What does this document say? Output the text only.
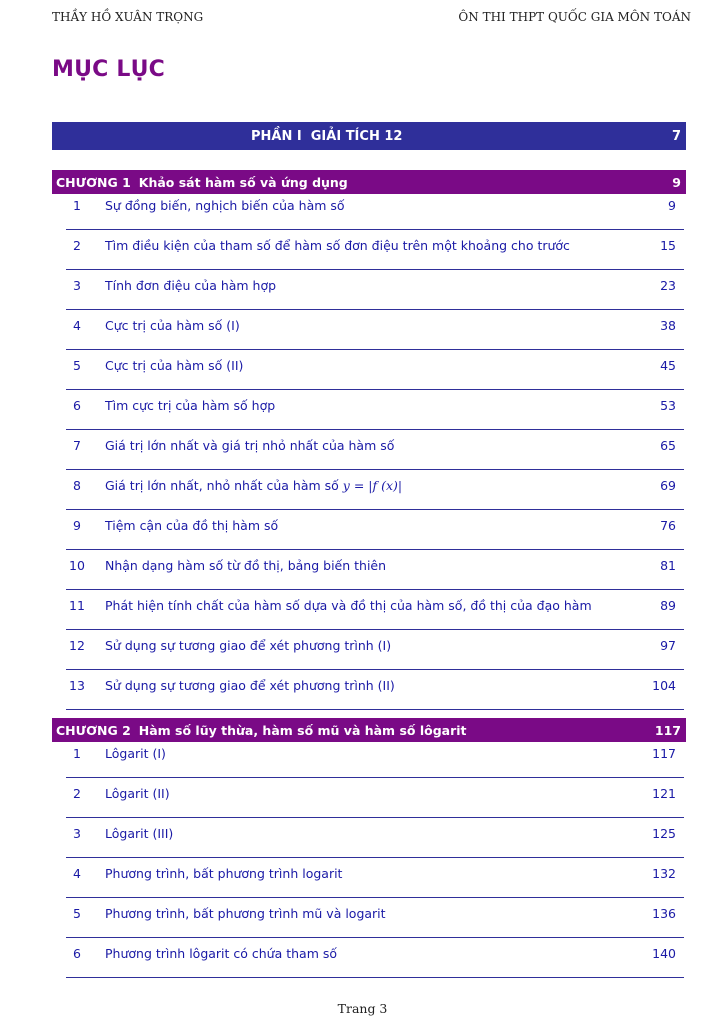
THẦY HỒ XUÂN TRỌNG	ÔN THI THPT QUỐC GIA MÔN TOÁN
MỤC LỤC
PHẦN I  GIẢI TÍCH 12	7
CHƯƠNG 1 Khảo sát hàm số và ứng dụng	9
1	Sự đồng biến, nghịch biến của hàm số	9
2	Tìm điều kiện của tham số để hàm số đơn điệu trên một khoảng cho trước	15
3	Tính đơn điệu của hàm hợp	23
4	Cực trị của hàm số (I)	38
5	Cực trị của hàm số (II)	45
6	Tìm cực trị của hàm số hợp	53
7	Giá trị lớn nhất và giá trị nhỏ nhất của hàm số	65
8	Giá trị lớn nhất, nhỏ nhất của hàm số y = |f (x)|	69
9	Tiệm cận của đồ thị hàm số	76
10 Nhận dạng hàm số từ đồ thị, bảng biến thiên	81
11 Phát hiện tính chất của hàm số dựa và đồ thị của hàm số, đồ thị của đạo hàm	89
12 Sử dụng sự tương giao để xét phương trình (I)	97
13 Sử dụng sự tương giao để xét phương trình (II)	104
CHƯƠNG 2 Hàm số lũy thừa, hàm số mũ và hàm số lôgarit	117
1	Lôgarit (I)	117
2	Lôgarit (II)	121
3	Lôgarit (III)	125
4	Phương trình, bất phương trình logarit	132
5	Phương trình, bất phương trình mũ và logarit	136
6	Phương trình lôgarit có chứa tham số	140
Trang 3
